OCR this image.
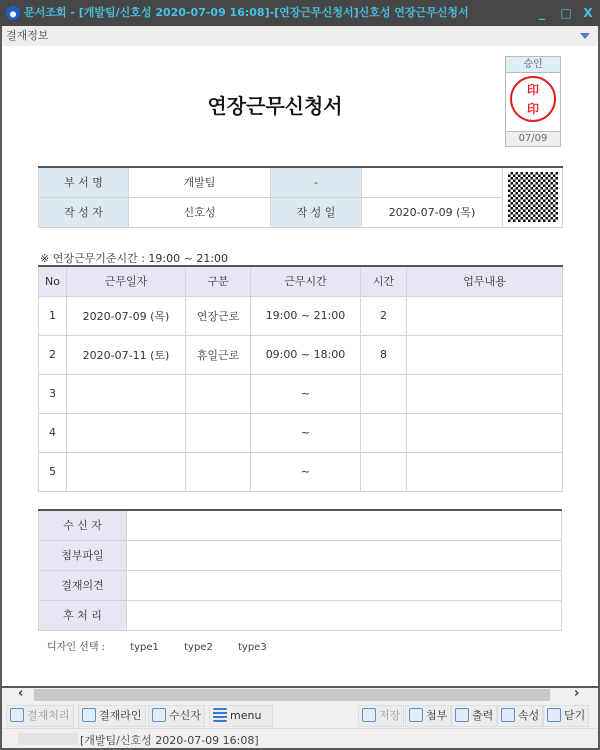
문서조회 - [개발팀/신호성 2020-07-09 16:08]-[연장근무신청서]신호성 연장근무신청서	_	□ X
결재정보
연장근무신청서
승인
印
印
07/09
부 서 명	개발팀	-		

작 성 자	신호성	작 성 일	2020-07-09 (목)	
※ 연장근무기준시간 : 19:00 ~ 21:00
No	근무일자	구분	근무시간	시간	업무내용
1	2020-07-09 (목)	연장근로	19:00 ~ 21:00	2	
2	2020-07-11 (토)	휴일근로	09:00 ~ 18:00	8	
3			~		
4			~		
5			~		
수 신 자	
첨부파일	
결재의견	
후 처 리	
디자인 선택 :	type1	type2	type3
‹	›
결재처리	결재라인	수신자	menu	저장	첨부	출력	속성	닫기
[개발팀/신호성 2020-07-09 16:08]
